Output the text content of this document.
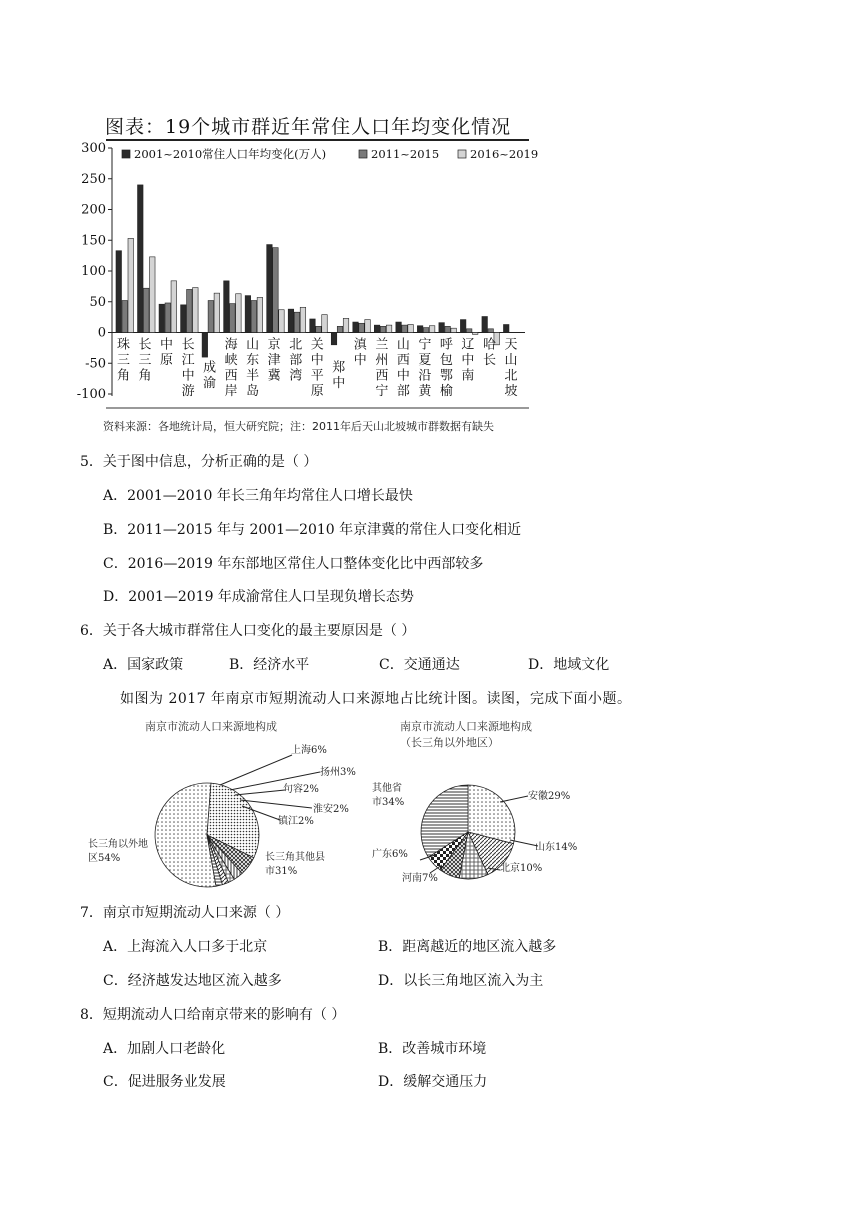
图表：19个城市群近年常住人口年均变化情况
300
250
200
150
100
50
0
-50
-100
2001~2010常住人口年均变化(万人)	2011~2015	2016~2019
珠三角
长三角
中原
长江中游
成渝
海峡西岸
山东半岛
京津冀
北部湾
关中平原
郑中
滇中
兰州西宁
山西中部
宁夏沿黄
呼包鄂榆
辽中南
哈长
天山北坡
资料来源：各地统计局，恒大研究院；注：2011年后天山北坡城市群数据有缺失
5．关于图中信息，分析正确的是（ ）
A．2001—2010 年长三角年均常住人口增长最快
B．2011—2015 年与 2001—2010 年京津冀的常住人口变化相近
C．2016—2019 年东部地区常住人口整体变化比中西部较多
D．2001—2019 年成渝常住人口呈现负增长态势
6．关于各大城市群常住人口变化的最主要原因是（ ）
A．国家政策	B．经济水平	C．交通通达	D．地域文化
如图为 2017 年南京市短期流动人口来源地占比统计图。读图，完成下面小题。
南京市流动人口来源地构成	南京市流动人口来源地构成
（长三角以外地区）
上海6%
扬州3%
句容2%
淮安2%
镇江2%
长三角以外地区54%	长三角其他县市31%
其他省市34%
安徽29%
山东14%
广东6%
北京10%
河南7%
7．南京市短期流动人口来源（ ）
A．上海流入人口多于北京	B．距离越近的地区流入越多
C．经济越发达地区流入越多	D．以长三角地区流入为主
8．短期流动人口给南京带来的影响有（ ）
A．加剧人口老龄化	B．改善城市环境
C．促进服务业发展	D．缓解交通压力
